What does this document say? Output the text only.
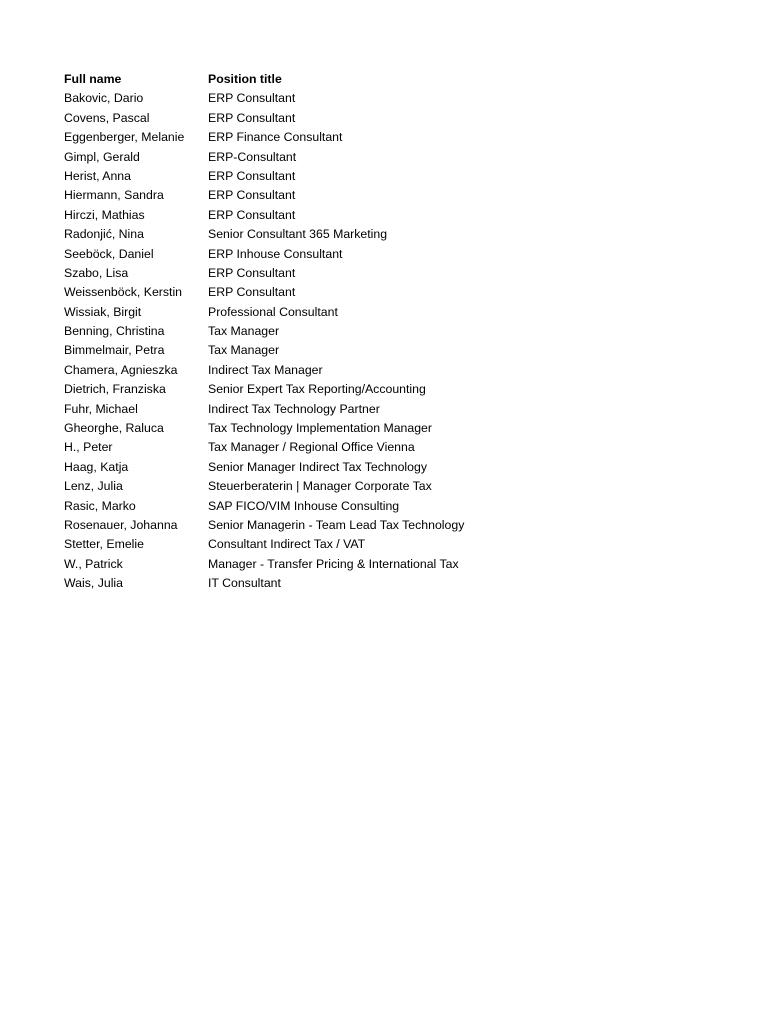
Full name	Position title
Bakovic, Dario	ERP Consultant
Covens, Pascal	ERP Consultant
Eggenberger, Melanie	ERP Finance Consultant
Gimpl, Gerald	ERP-Consultant
Herist, Anna	ERP Consultant
Hiermann, Sandra	ERP Consultant
Hirczi, Mathias	ERP Consultant
Radonjić, Nina	Senior Consultant 365 Marketing
Seeböck, Daniel	ERP Inhouse Consultant
Szabo, Lisa	ERP Consultant
Weissenböck, Kerstin	ERP Consultant
Wissiak, Birgit	Professional Consultant
Benning, Christina	Tax Manager
Bimmelmair, Petra	Tax Manager
Chamera, Agnieszka	Indirect Tax Manager
Dietrich, Franziska	Senior Expert Tax Reporting/Accounting
Fuhr, Michael	Indirect Tax Technology Partner
Gheorghe, Raluca	Tax Technology Implementation Manager
H., Peter	Tax Manager / Regional Office Vienna
Haag, Katja	Senior Manager Indirect Tax Technology
Lenz, Julia	Steuerberaterin | Manager Corporate Tax
Rasic, Marko	SAP FICO/VIM Inhouse Consulting
Rosenauer, Johanna	Senior Managerin - Team Lead Tax Technology
Stetter, Emelie	Consultant Indirect Tax / VAT
W., Patrick	Manager - Transfer Pricing & International Tax
Wais, Julia	IT Consultant
